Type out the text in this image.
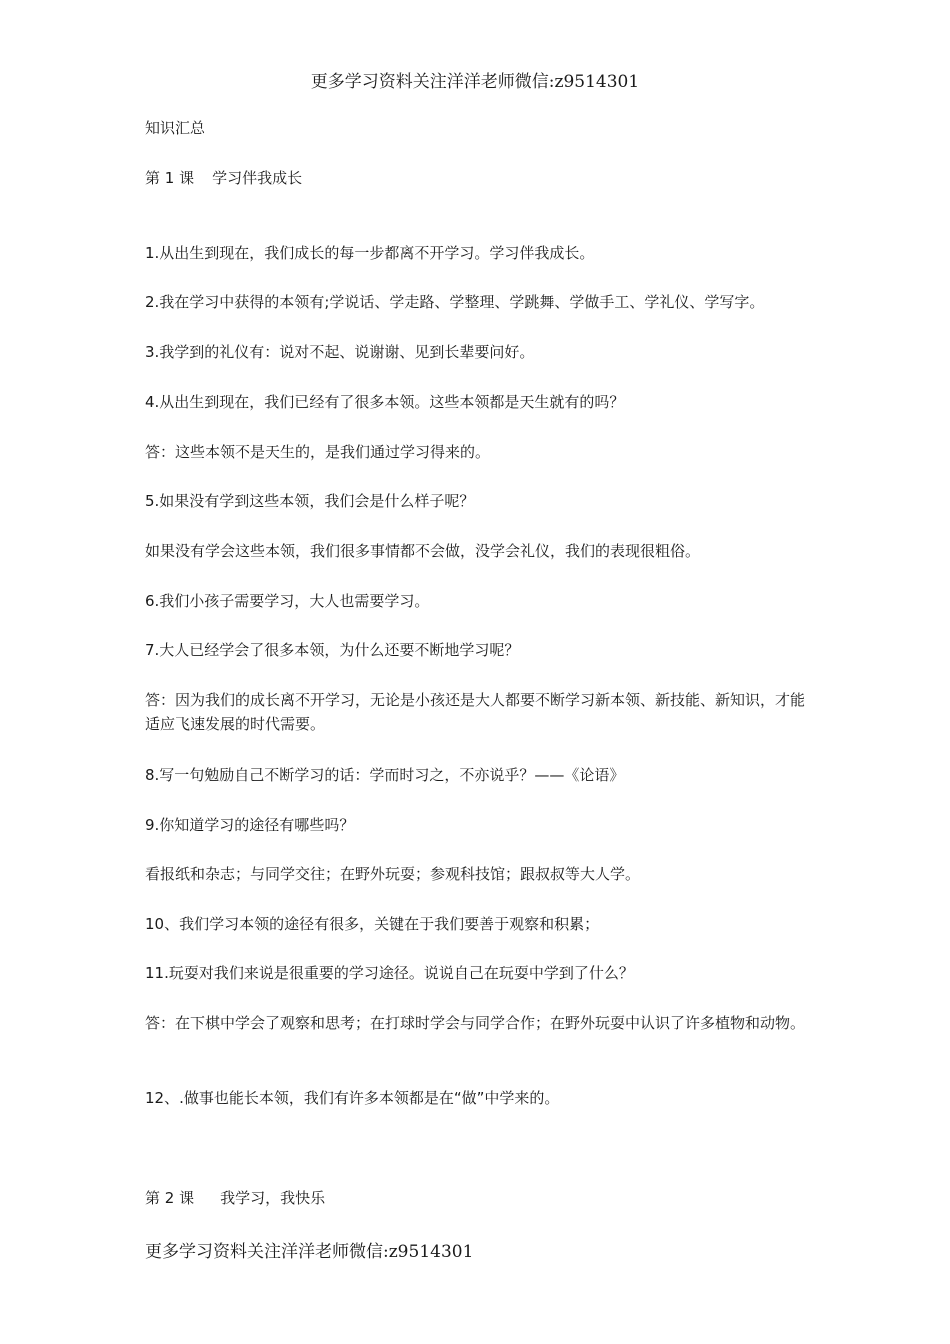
更多学习资料关注洋洋老师微信:z9514301
知识汇总
第 1 课 学习伴我成长
1.从出生到现在，我们成长的每一步都离不开学习。学习伴我成长。
2.我在学习中获得的本领有;学说话、学走路、学整理、学跳舞、学做手工、学礼仪、学写字。
3.我学到的礼仪有：说对不起、说谢谢、见到长辈要问好。
4.从出生到现在，我们已经有了很多本领。这些本领都是天生就有的吗？
答：这些本领不是天生的，是我们通过学习得来的。
5.如果没有学到这些本领，我们会是什么样子呢？
如果没有学会这些本领，我们很多事情都不会做，没学会礼仪，我们的表现很粗俗。
6.我们小孩子需要学习，大人也需要学习。
7.大人已经学会了很多本领，为什么还要不断地学习呢？
答：因为我们的成长离不开学习，无论是小孩还是大人都要不断学习新本领、新技能、新知识，才能适应飞速发展的时代需要。
8.写一句勉励自己不断学习的话：学而时习之，不亦说乎？——《论语》
9.你知道学习的途径有哪些吗？
看报纸和杂志；与同学交往；在野外玩耍；参观科技馆；跟叔叔等大人学。
10、我们学习本领的途径有很多，关键在于我们要善于观察和积累；
11.玩耍对我们来说是很重要的学习途径。说说自己在玩耍中学到了什么？
答：在下棋中学会了观察和思考；在打球时学会与同学合作；在野外玩耍中认识了许多植物和动物。
12、.做事也能长本领，我们有许多本领都是在“做”中学来的。
第 2 课 我学习，我快乐
更多学习资料关注洋洋老师微信:z9514301
